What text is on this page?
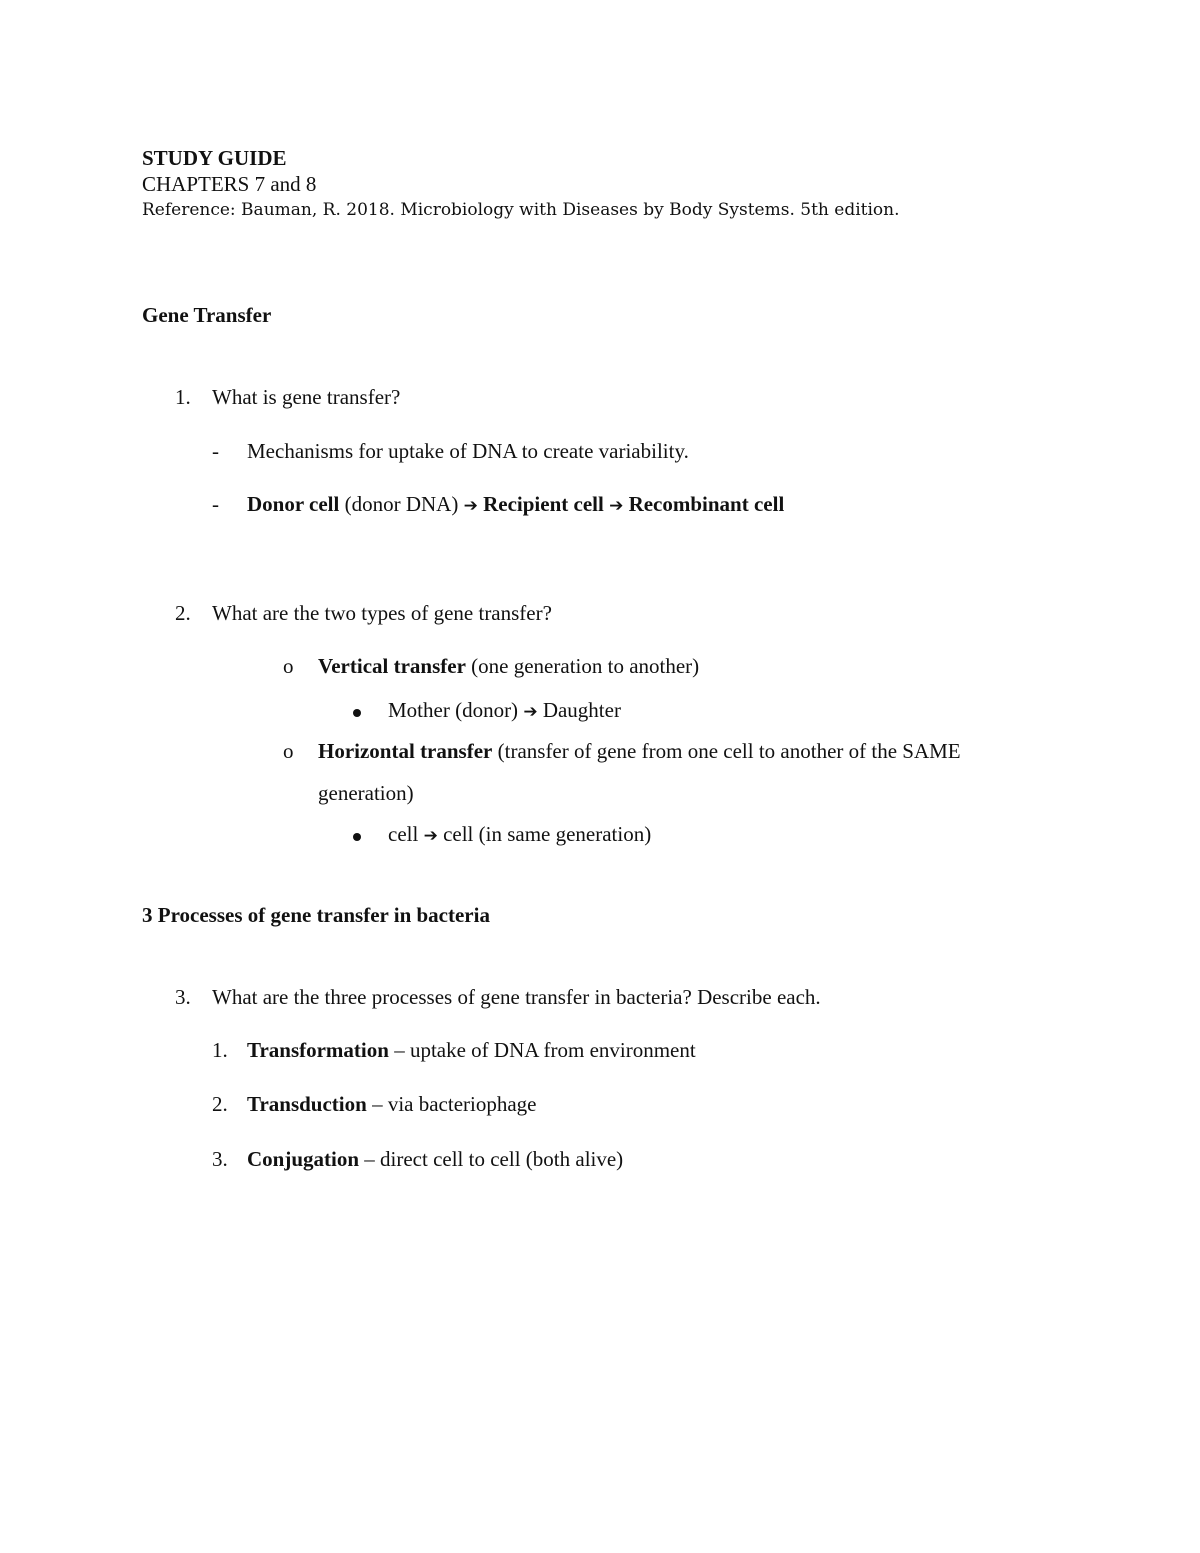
STUDY GUIDE
CHAPTERS 7 and 8
Reference: Bauman, R. 2018. Microbiology with Diseases by Body Systems. 5th edition.
Gene Transfer
1. What is gene transfer?
- Mechanisms for uptake of DNA to create variability.
- Donor cell (donor DNA) ➔ Recipient cell ➔ Recombinant cell
2. What are the two types of gene transfer?
o Vertical transfer (one generation to another)
Mother (donor) ➔ Daughter
o Horizontal transfer (transfer of gene from one cell to another of the SAME
generation)
cell ➔ cell (in same generation)
3 Processes of gene transfer in bacteria
3. What are the three processes of gene transfer in bacteria? Describe each.
1. Transformation – uptake of DNA from environment
2. Transduction – via bacteriophage
3. Conjugation – direct cell to cell (both alive)
